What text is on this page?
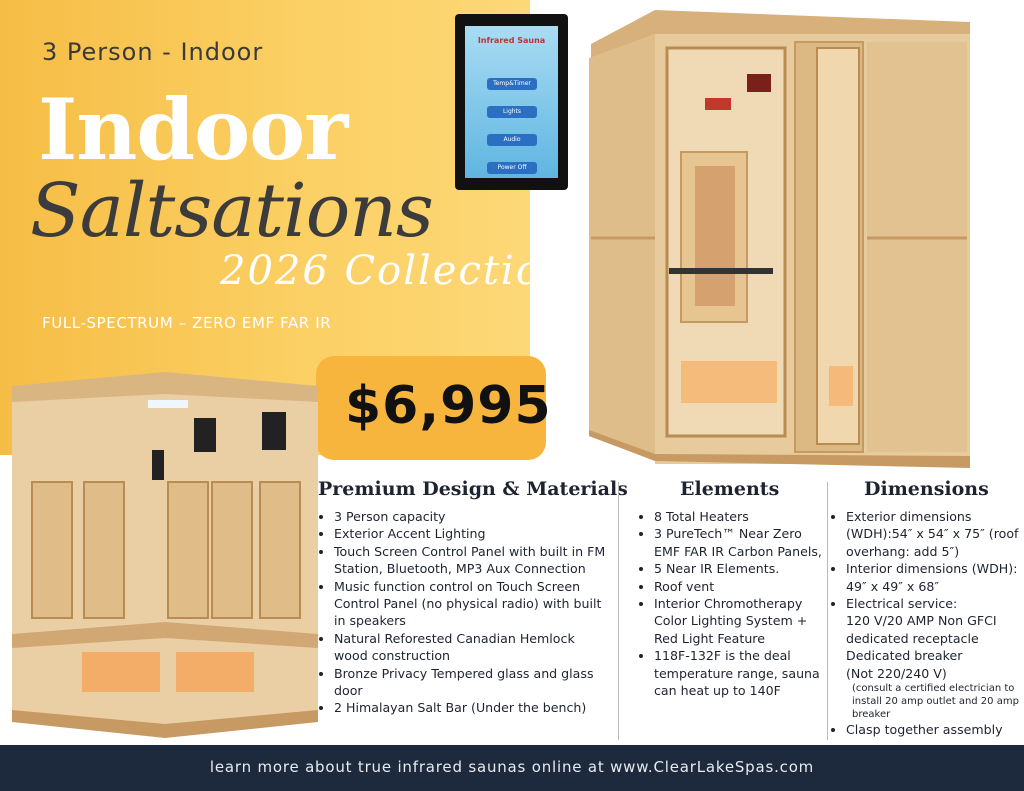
3 Person - Indoor
Indoor
Saltsations
2026 Collection
FULL-SPECTRUM – ZERO EMF FAR IR
$6,995
Infrared Sauna
Temp&Timer
Lights
Audio
Power Off
Premium Design & Materials
• 3 Person capacity
• Exterior Accent Lighting
• Touch Screen Control Panel with built in FM Station, Bluetooth, MP3 Aux Connection
• Music function control on Touch Screen Control Panel (no physical radio) with built in speakers
• Natural Reforested Canadian Hemlock wood construction
• Bronze Privacy Tempered glass and glass door
• 2 Himalayan Salt Bar (Under the bench)
Elements
• 8 Total Heaters
• 3 PureTech™ Near Zero EMF FAR IR Carbon Panels,
• 5 Near IR Elements.
• Roof vent
• Interior Chromotherapy Color Lighting System + Red Light Feature
• 118F-132F is the deal temperature range, sauna can heat up to 140F
Dimensions
• Exterior dimensions (WDH):54″ x 54″ x 75″ (roof overhang: add 5″)
• Interior dimensions (WDH): 49″ x 49″ x 68″
• Electrical service:
120 V/20 AMP Non GFCI dedicated receptacle
Dedicated breaker
(Not 220/240 V)
(consult a certified electrician to install 20 amp outlet and 20 amp breaker
• Clasp together assembly
learn more about true infrared saunas online at www.ClearLakeSpas.com
